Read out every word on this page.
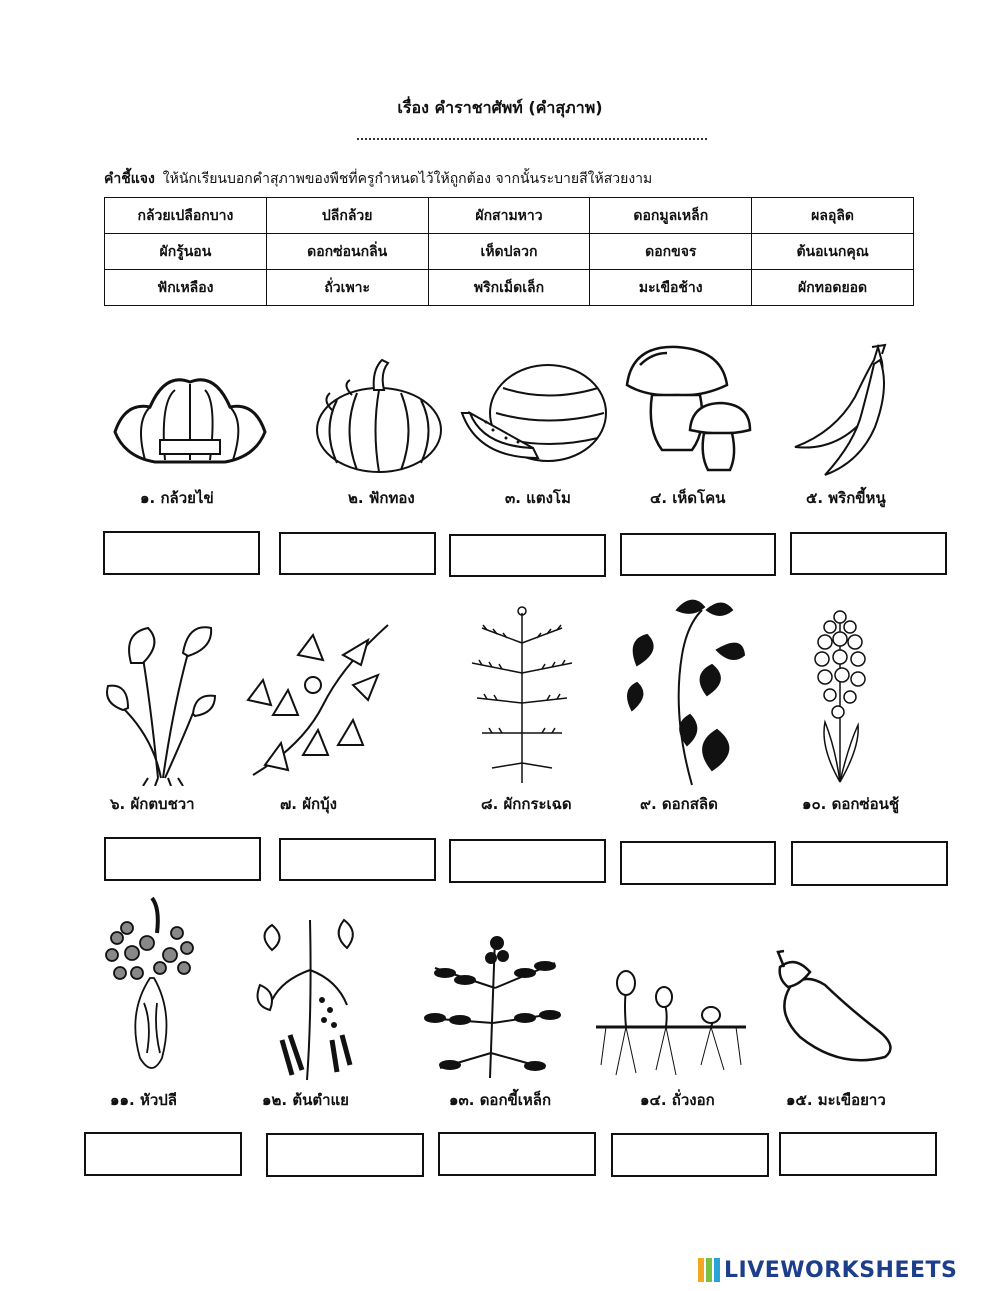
เรื่อง คำราชาศัพท์ (คำสุภาพ)
คำชี้แจง ให้นักเรียนบอกคำสุภาพของพืชที่ครูกำหนดไว้ให้ถูกต้อง จากนั้นระบายสีให้สวยงาม
กล้วยเปลือกบาง	ปลีกล้วย	ผักสามหาว	ดอกมูลเหล็ก	ผลอุลิด
ผักรู้นอน	ดอกซ่อนกลิ่น	เห็ดปลวก	ดอกขจร	ต้นอเนกคุณ
ฟักเหลือง	ถั่วเพาะ	พริกเม็ดเล็ก	มะเขือช้าง	ผักทอดยอด
๑. กล้วยไข่	๒. ฟักทอง	๓. แตงโม	๔. เห็ดโคน	๕. พริกขี้หนู
๖. ผักตบชวา	๗. ผักบุ้ง	๘. ผักกระเฉด	๙. ดอกสลิด	๑๐. ดอกซ่อนชู้
๑๑. หัวปลี	๑๒. ต้นตำแย	๑๓. ดอกขี้เหล็ก	๑๔. ถั่วงอก	๑๕. มะเขือยาว
LIVEWORKSHEETS
